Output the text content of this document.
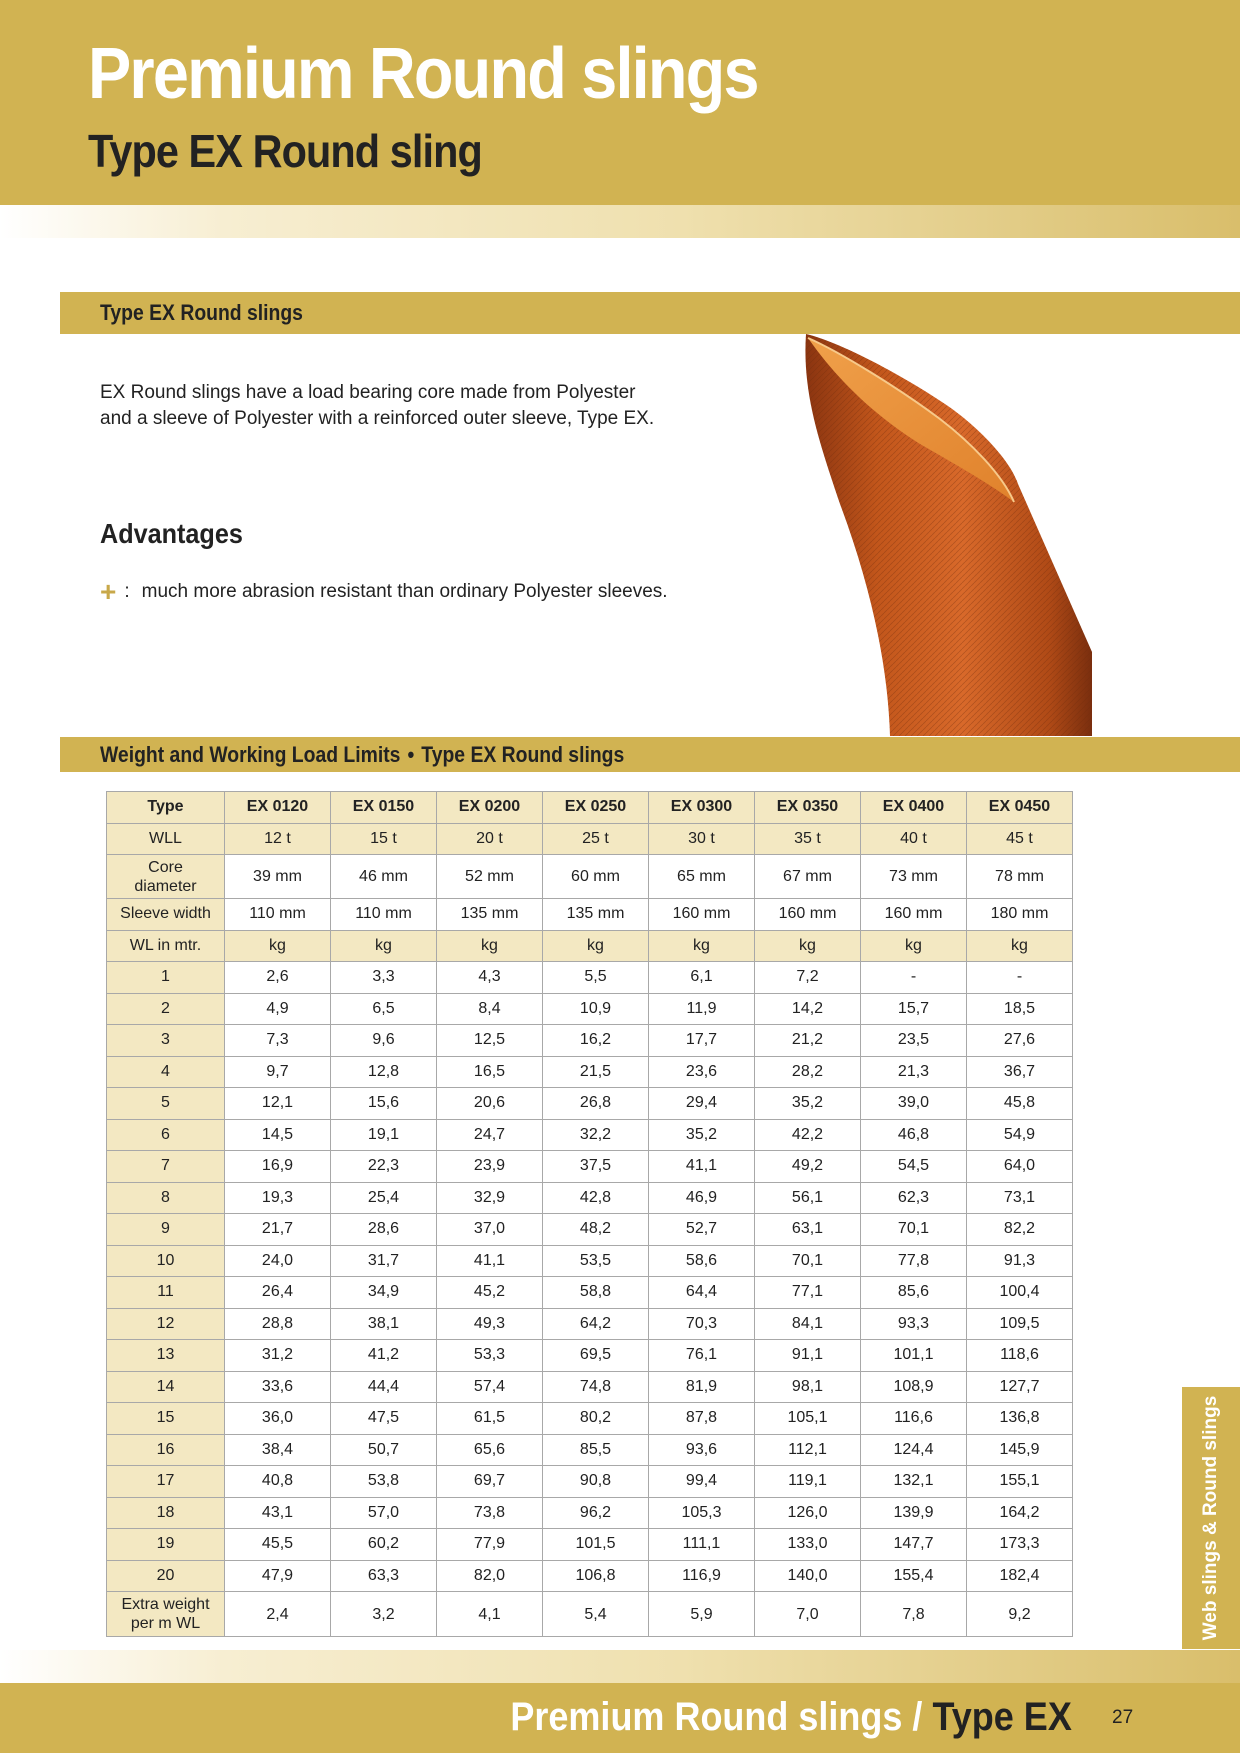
Premium Round slings
Type EX Round sling
Type EX Round slings
EX Round slings have a load bearing core made from Polyester and a sleeve of Polyester with a reinforced outer sleeve, Type EX.
Advantages
+ : much more abrasion resistant than ordinary Polyester sleeves.
Weight and Working Load Limits • Type EX Round slings
Type	EX 0120	EX 0150	EX 0200	EX 0250	EX 0300	EX 0350	EX 0400	EX 0450
WLL	12 t	15 t	20 t	25 t	30 t	35 t	40 t	45 t
Core
diameter	39 mm	46 mm	52 mm	60 mm	65 mm	67 mm	73 mm	78 mm
Sleeve width	110 mm	110 mm	135 mm	135 mm	160 mm	160 mm	160 mm	180 mm
WL in mtr.	kg	kg	kg	kg	kg	kg	kg	kg
1	2,6	3,3	4,3	5,5	6,1	7,2	-	-
2	4,9	6,5	8,4	10,9	11,9	14,2	15,7	18,5
3	7,3	9,6	12,5	16,2	17,7	21,2	23,5	27,6
4	9,7	12,8	16,5	21,5	23,6	28,2	21,3	36,7
5	12,1	15,6	20,6	26,8	29,4	35,2	39,0	45,8
6	14,5	19,1	24,7	32,2	35,2	42,2	46,8	54,9
7	16,9	22,3	23,9	37,5	41,1	49,2	54,5	64,0
8	19,3	25,4	32,9	42,8	46,9	56,1	62,3	73,1
9	21,7	28,6	37,0	48,2	52,7	63,1	70,1	82,2
10	24,0	31,7	41,1	53,5	58,6	70,1	77,8	91,3
11	26,4	34,9	45,2	58,8	64,4	77,1	85,6	100,4
12	28,8	38,1	49,3	64,2	70,3	84,1	93,3	109,5
13	31,2	41,2	53,3	69,5	76,1	91,1	101,1	118,6
14	33,6	44,4	57,4	74,8	81,9	98,1	108,9	127,7
15	36,0	47,5	61,5	80,2	87,8	105,1	116,6	136,8
16	38,4	50,7	65,6	85,5	93,6	112,1	124,4	145,9
17	40,8	53,8	69,7	90,8	99,4	119,1	132,1	155,1
18	43,1	57,0	73,8	96,2	105,3	126,0	139,9	164,2
19	45,5	60,2	77,9	101,5	111,1	133,0	147,7	173,3
20	47,9	63,3	82,0	106,8	116,9	140,0	155,4	182,4
Extra weight
per m WL	2,4	3,2	4,1	5,4	5,9	7,0	7,8	9,2	Web slings & Round slings
Premium Round slings / Type EX 27
